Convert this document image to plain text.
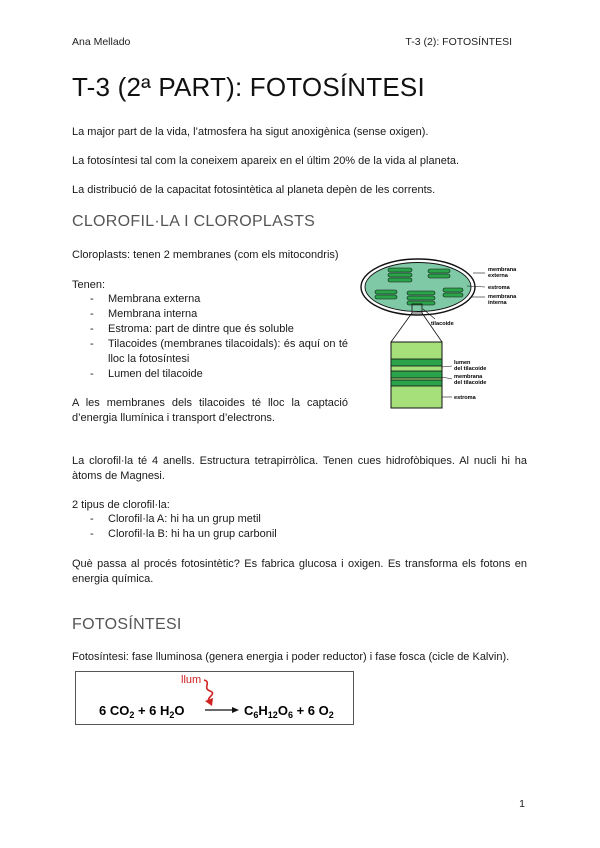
Ana Mellado	T-3 (2): FOTOSÍNTESI
T-3 (2ª PART): FOTOSÍNTESI
La major part de la vida, l’atmosfera ha sigut anoxigènica (sense oxigen).
La fotosíntesi tal com la coneixem apareix en el últim 20% de la vida al planeta.
La distribució de la capacitat fotosintètica al planeta depèn de les corrents.
CLOROFIL·LA I CLOROPLASTS
Cloroplasts: tenen 2 membranes (com els mitocondris)
Tenen:
- Membrana externa
- Membrana interna
- Estroma: part de dintre que és soluble
- Tilacoides (membranes tilacoidals): és aquí on té lloc la fotosíntesi
- Lumen del tilacoide
A les membranes dels tilacoides té lloc la captació d’energia llumínica i transport d’electrons.
membrana
externa
estroma
membrana
interna
tilacoide
lumen
del tilacoide
membrana
del tilacoide
estroma
La clorofil·la té 4 anells. Estructura tetrapirròlica. Tenen cues hidrofòbiques. Al nucli hi ha àtoms de Magnesi.
2 tipus de clorofil·la:
- Clorofil·la A: hi ha un grup metil
- Clorofil·la B: hi ha un grup carbonil
Què passa al procés fotosintètic? Es fabrica glucosa i oxigen. Es transforma els fotons en energia química.
FOTOSÍNTESI
Fotosíntesi: fase lluminosa (genera energia i poder reductor) i fase fosca (cicle de Kalvin).
llum
6 $CO_2 + 6$ $H_2O$	$C_6H_{12}O_6 + 6$ $O_2$
1
